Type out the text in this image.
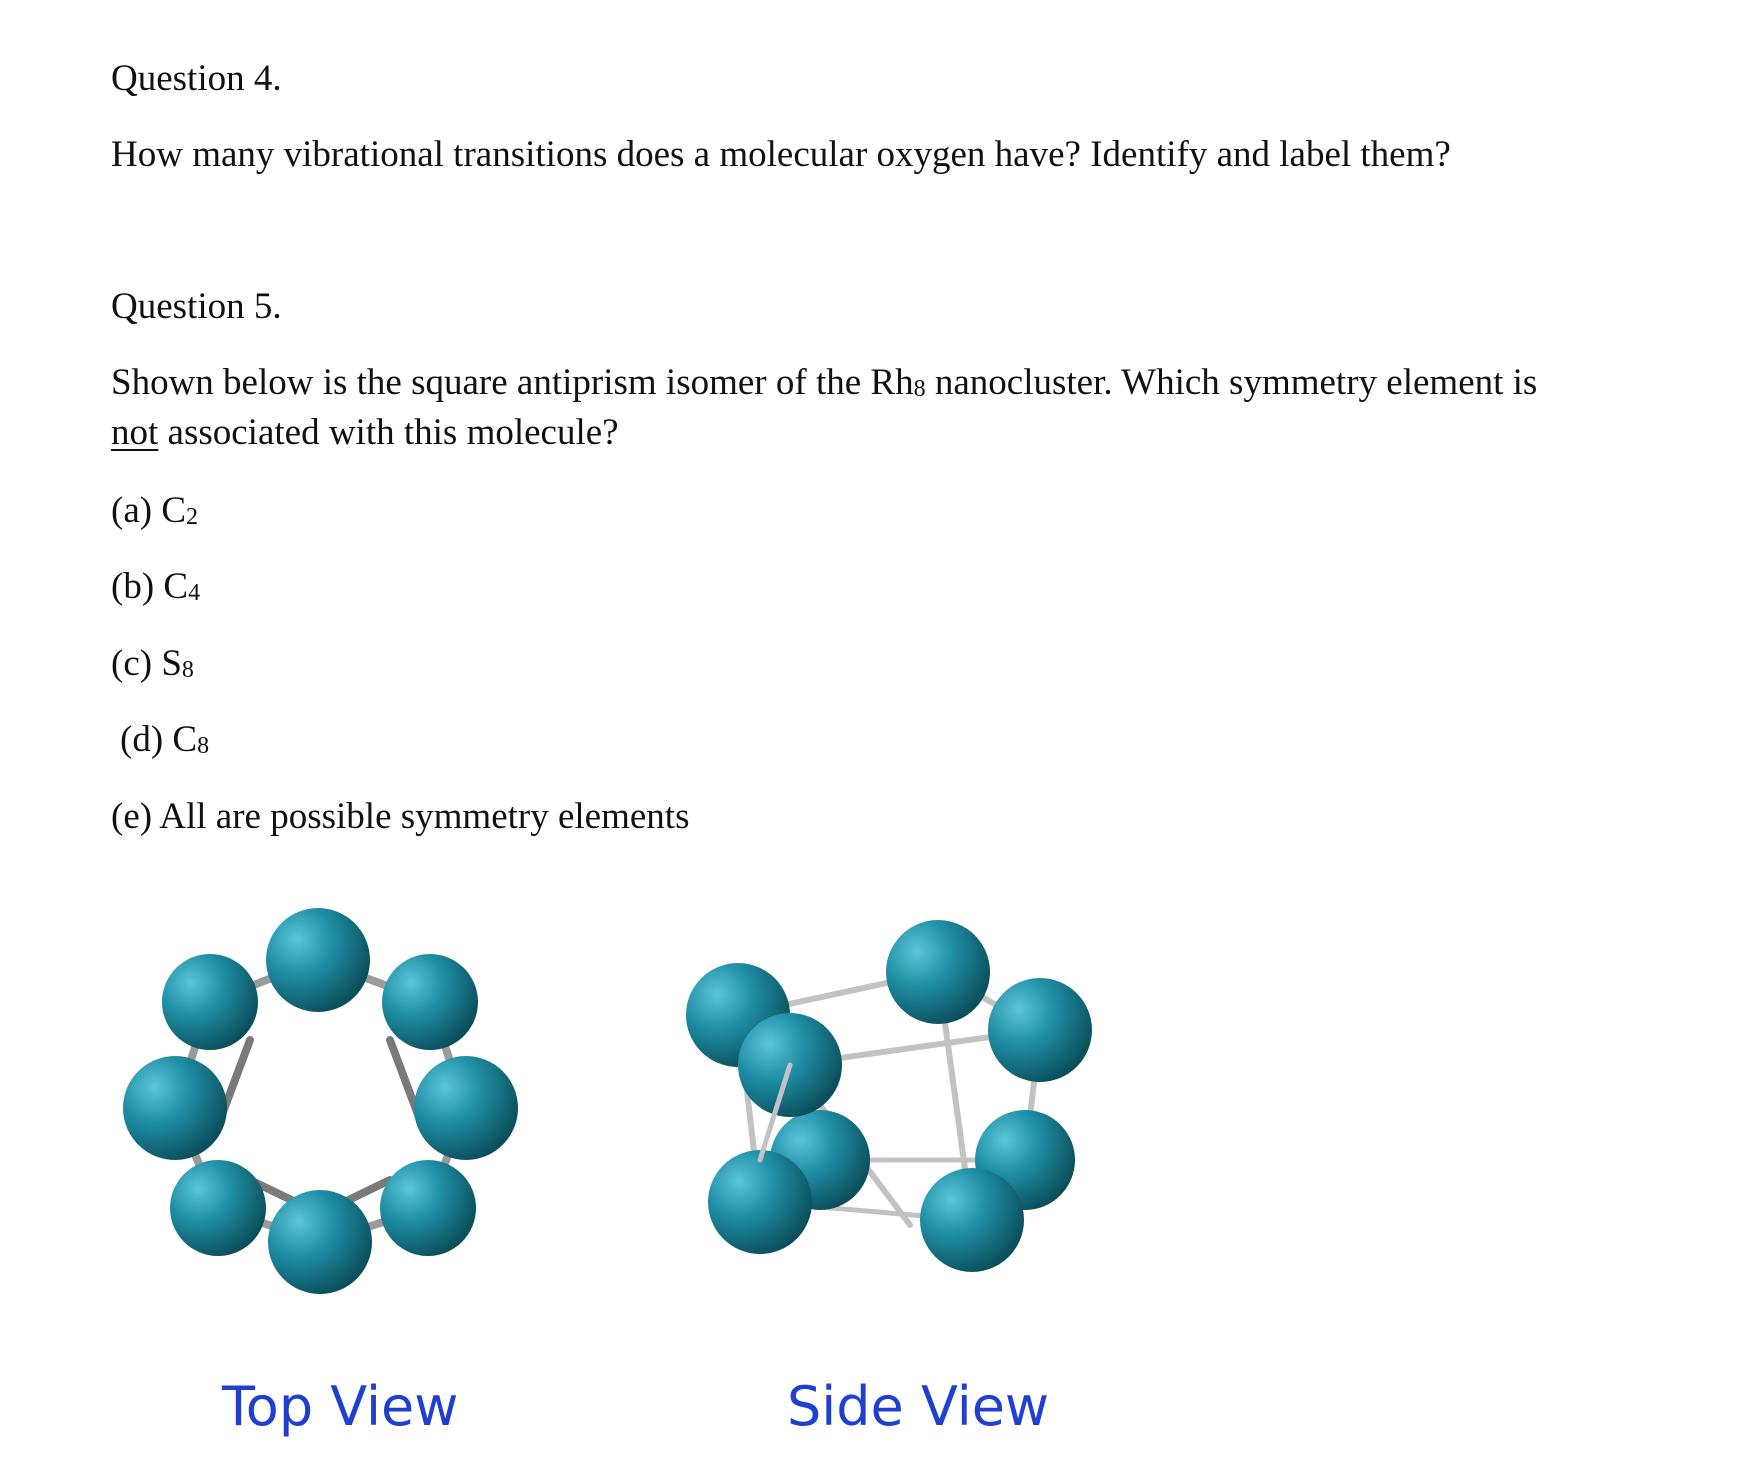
Question 4.
How many vibrational transitions does a molecular oxygen have? Identify and label them?
Question 5.
Shown below is the square antiprism isomer of the $Rh_8$ nanocluster. Which symmetry element is
not associated with this molecule?
(a) $C_2$
(b) $C_4$
(c) $S_8$
(d) $C_8$
(e) All are possible symmetry elements
Top View	Side View
